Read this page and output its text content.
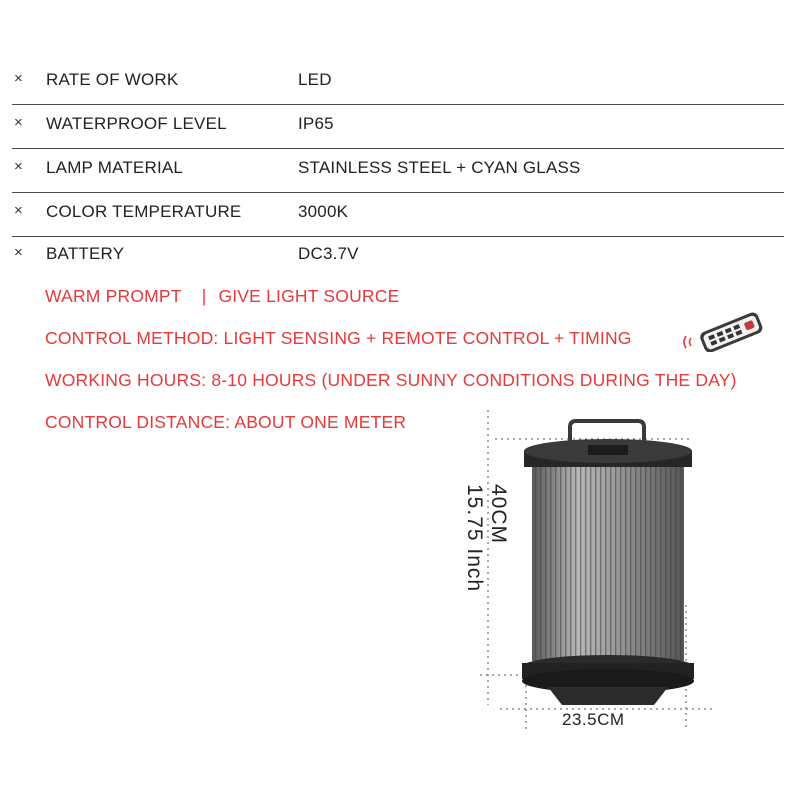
× RATE OF WORK	LED
× WATERPROOF LEVEL	IP65
× LAMP MATERIAL	STAINLESS STEEL + CYAN GLASS
× COLOR TEMPERATURE	3000K
× BATTERY	DC3.7V
WARM PROMPT | GIVE LIGHT SOURCE
CONTROL METHOD: LIGHT SENSING + REMOTE CONTROL + TIMING
WORKING HOURS: 8-10 HOURS (UNDER SUNNY CONDITIONS DURING THE DAY)
CONTROL DISTANCE: ABOUT ONE METER
40CM
15.75 Inch
23.5CM
